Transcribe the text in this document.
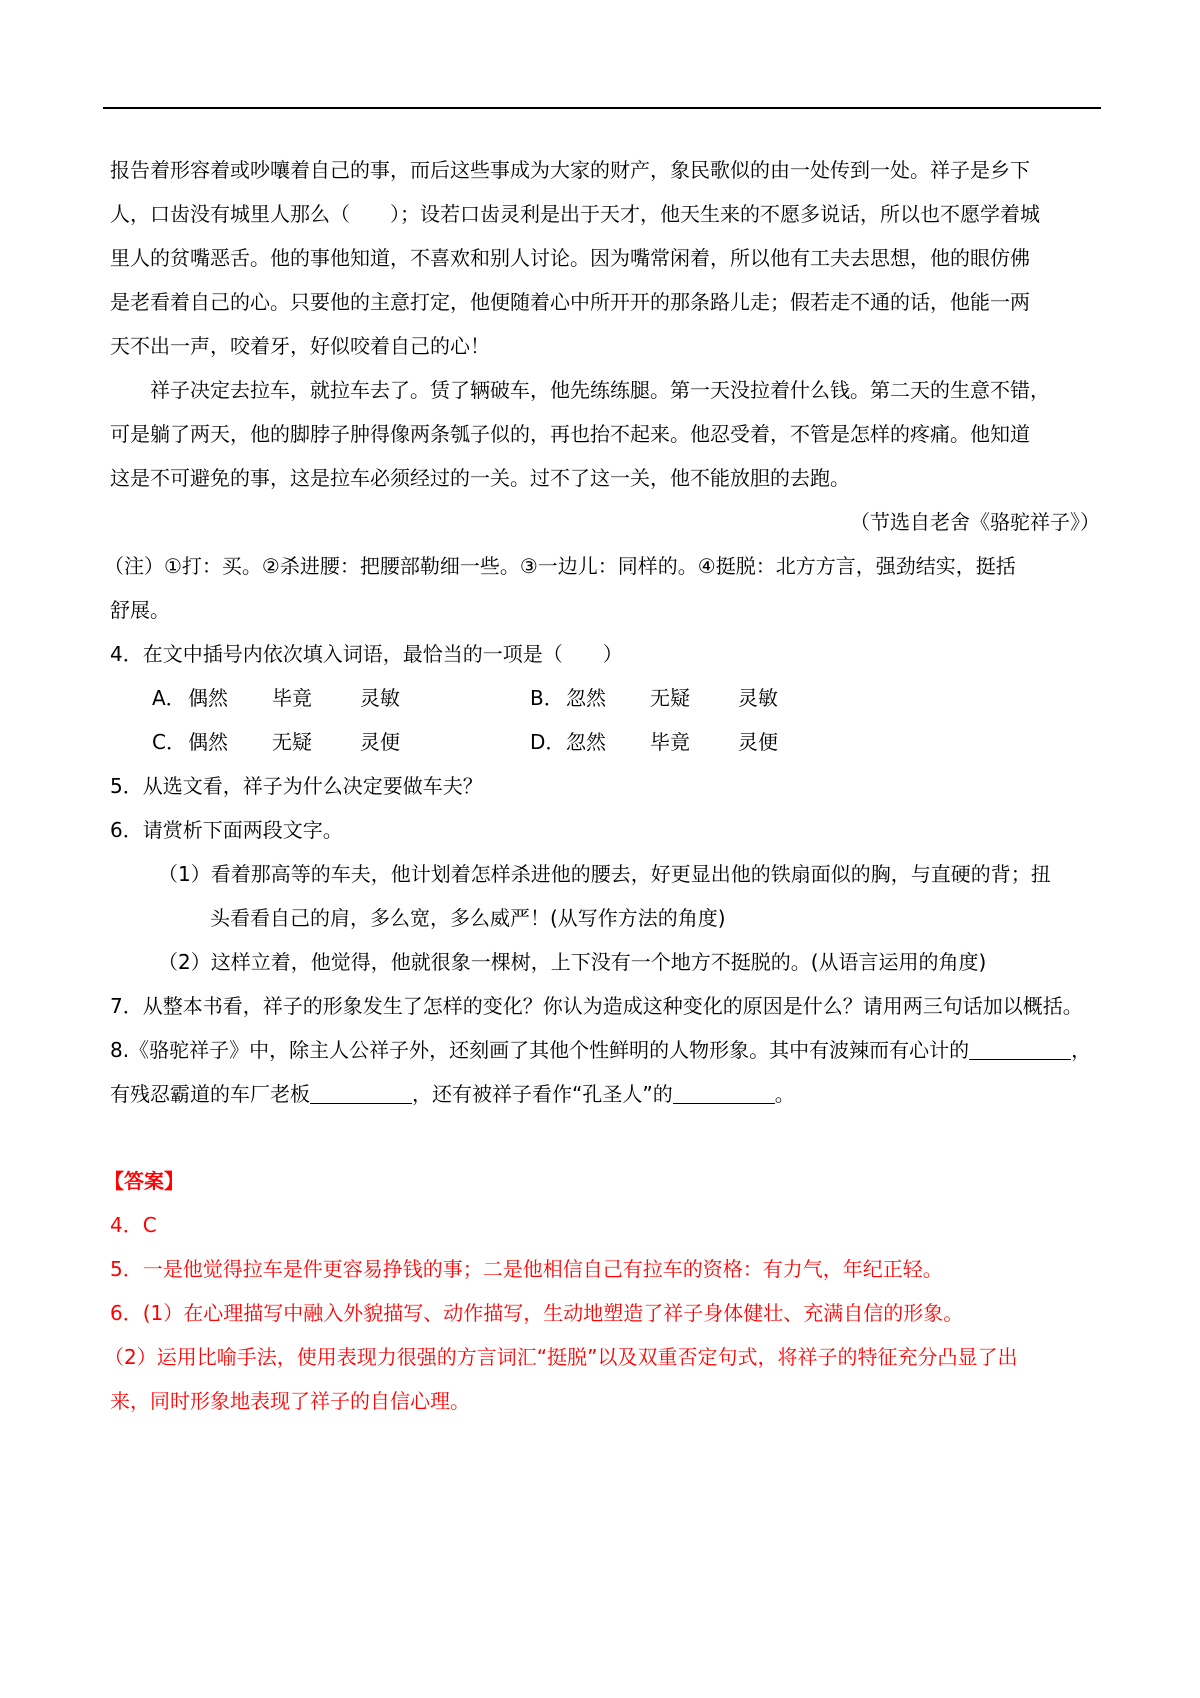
报告着形容着或吵嚷着自己的事，而后这些事成为大家的财产，象民歌似的由一处传到一处。祥子是乡下
人，口齿没有城里人那么（　　）；设若口齿灵利是出于天才，他天生来的不愿多说话，所以也不愿学着城
里人的贫嘴恶舌。他的事他知道，不喜欢和别人讨论。因为嘴常闲着，所以他有工夫去思想，他的眼仿佛
是老看着自己的心。只要他的主意打定，他便随着心中所开开的那条路儿走；假若走不通的话，他能一两
天不出一声，咬着牙，好似咬着自己的心！
祥子决定去拉车，就拉车去了。赁了辆破车，他先练练腿。第一天没拉着什么钱。第二天的生意不错，
可是躺了两天，他的脚脖子肿得像两条瓠子似的，再也抬不起来。他忍受着，不管是怎样的疼痛。他知道
这是不可避免的事，这是拉车必须经过的一关。过不了这一关，他不能放胆的去跑。
（节选自老舍《骆驼祥子》）
（注）①打：买。②杀进腰：把腰部勒细一些。③一边儿：同样的。④挺脱：北方方言，强劲结实，挺括
舒展。
4．在文中插号内依次填入词语，最恰当的一项是（　　）
A． 偶然 毕竟 灵敏	B． 忽然 无疑 灵敏
C． 偶然 无疑 灵便	D． 忽然 毕竟 灵便
5．从选文看，祥子为什么决定要做车夫？
6．请赏析下面两段文字。
（1）看着那高等的车夫，他计划着怎样杀进他的腰去，好更显出他的铁扇面似的胸，与直硬的背；扭
头看看自己的肩，多么宽，多么威严！(从写作方法的角度)
（2）这样立着，他觉得，他就很象一棵树，上下没有一个地方不挺脱的。(从语言运用的角度)
7．从整本书看，祥子的形象发生了怎样的变化？你认为造成这种变化的原因是什么？请用两三句话加以概括。
8.《骆驼祥子》中，除主人公祥子外，还刻画了其他个性鲜明的人物形象。其中有波辣而有心计的	，
有残忍霸道的车厂老板	，还有被祥子看作“孔圣人”的	。
【答案】
4．C
5．一是他觉得拉车是件更容易挣钱的事；二是他相信自己有拉车的资格：有力气，年纪正轻。
6．(1）在心理描写中融入外貌描写、动作描写，生动地塑造了祥子身体健壮、充满自信的形象。
（2）运用比喻手法，使用表现力很强的方言词汇“挺脱”以及双重否定句式，将祥子的特征充分凸显了出
来，同时形象地表现了祥子的自信心理。
